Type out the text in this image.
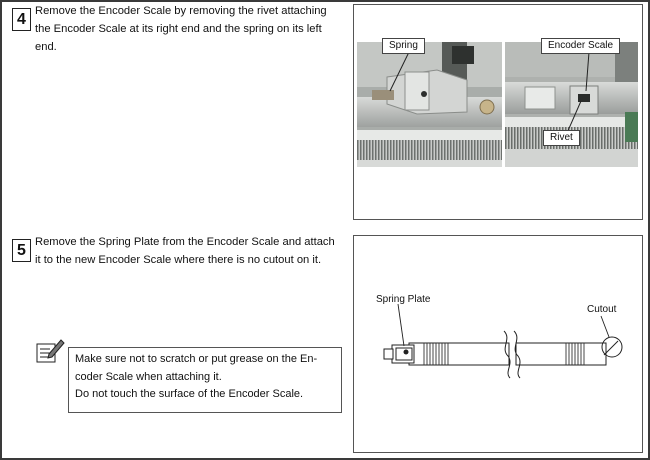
4 Remove the Encoder Scale by removing the rivet attaching
the Encoder Scale at its right end and the spring on its left
end.	Spring	Encoder Scale
Rivet
5 Remove the Spring Plate from the Encoder Scale and attach
it to the new Encoder Scale where there is no cutout on it.
Spring Plate
Cutout
Make sure not to scratch or put grease on the En-
coder Scale when attaching it.
Do not touch the surface of the Encoder Scale.
